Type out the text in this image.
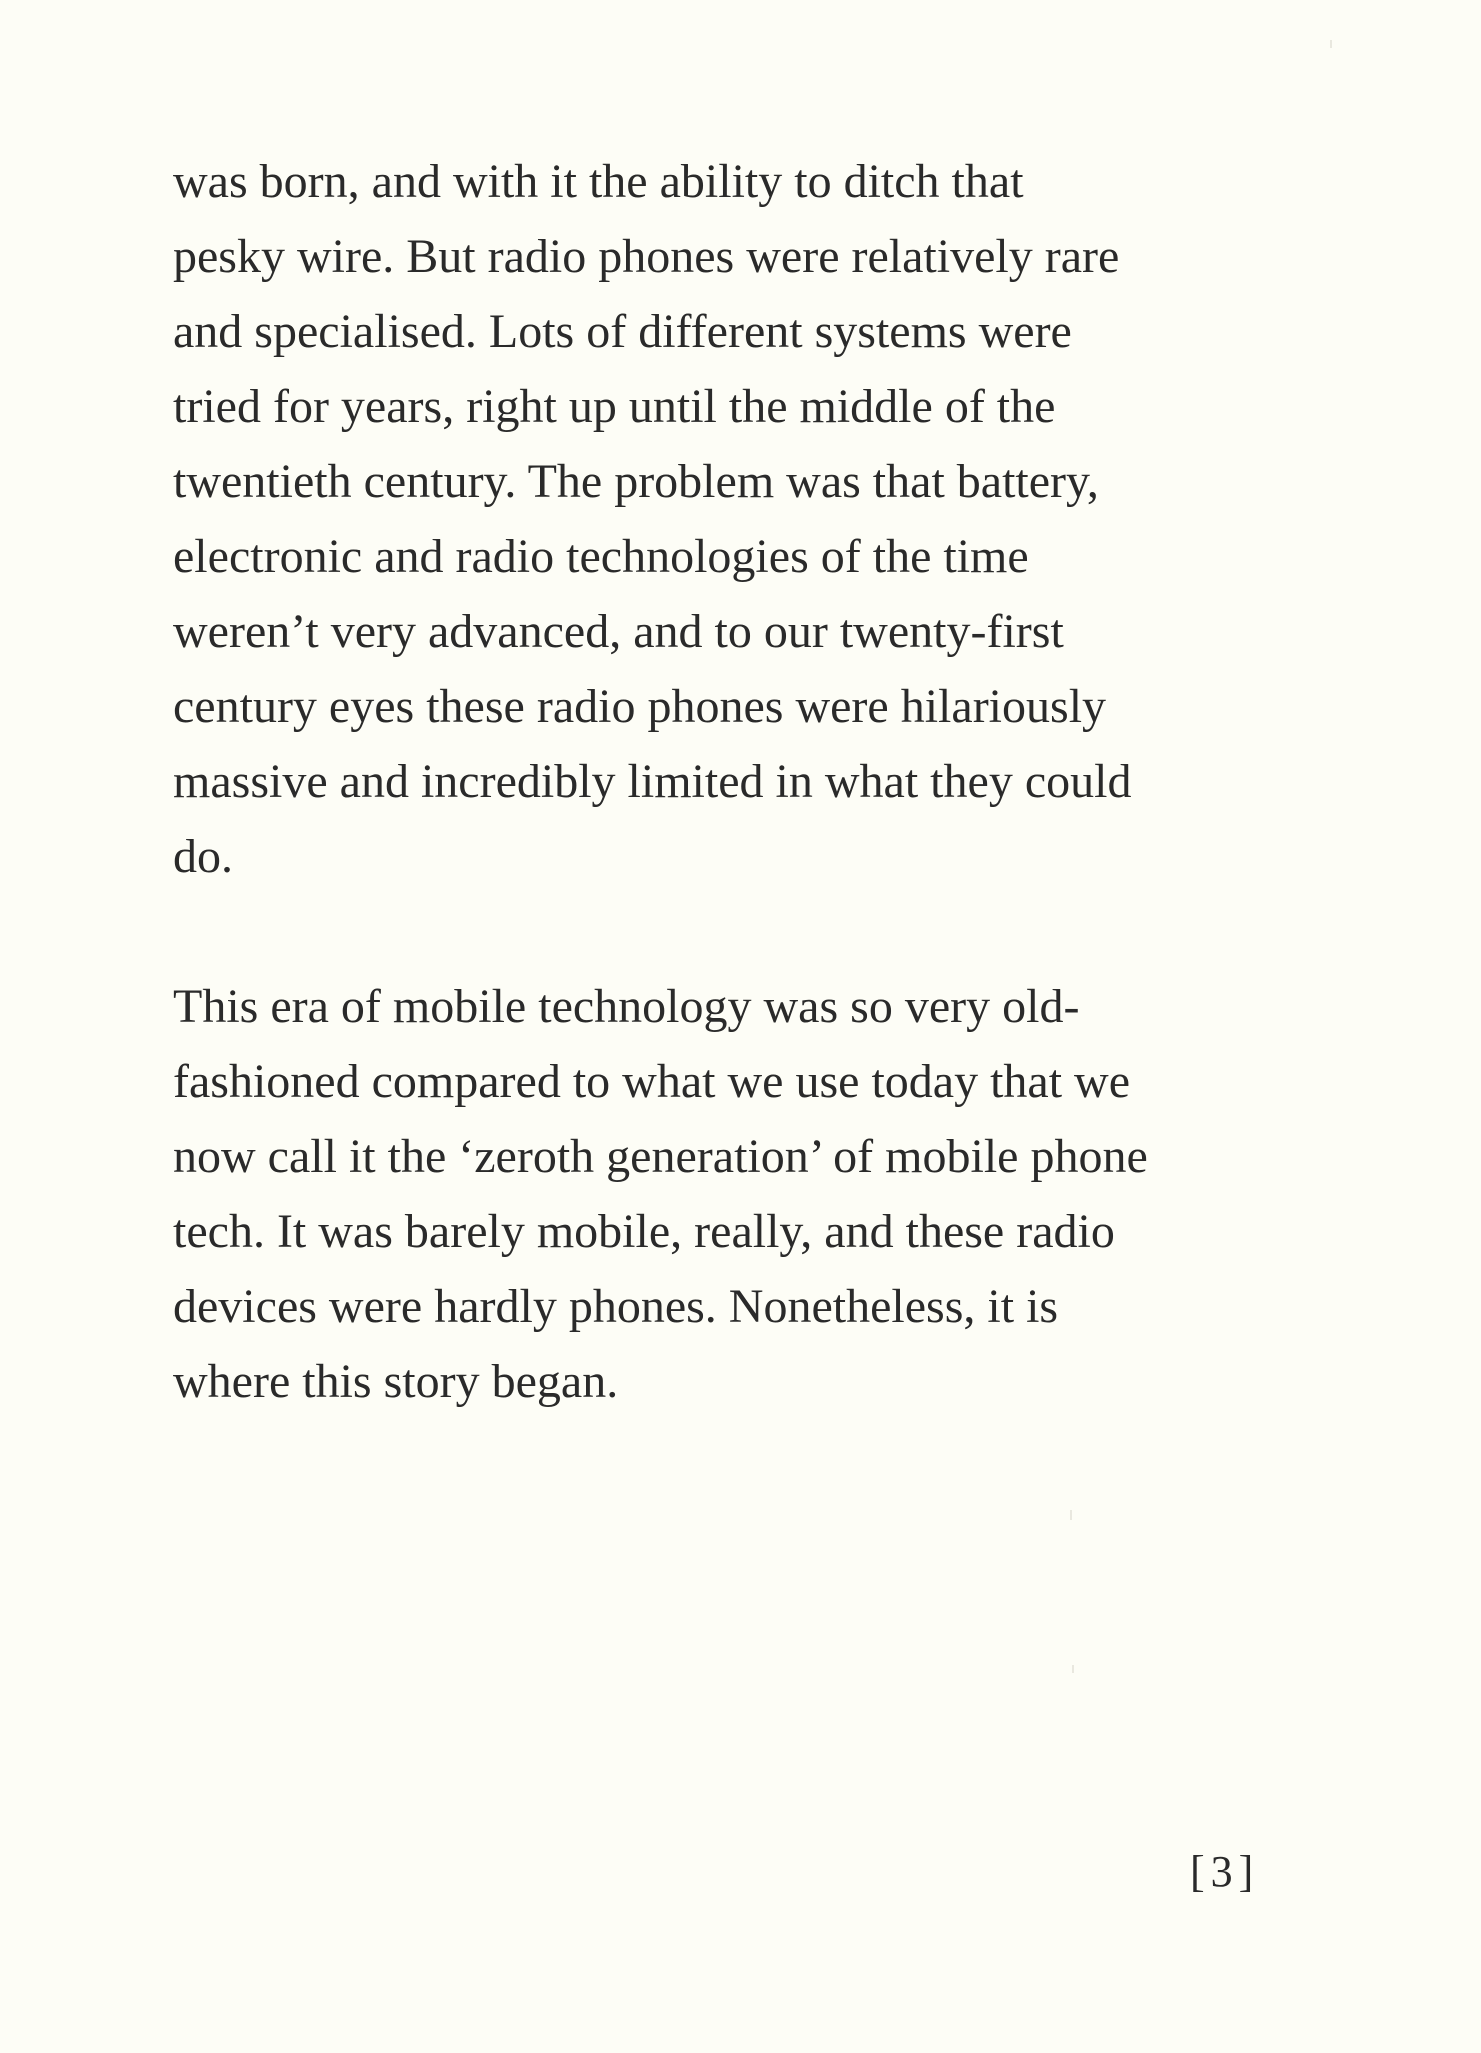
was born, and with it the ability to ditch that
pesky wire. But radio phones were relatively rare
and specialised. Lots of different systems were
tried for years, right up until the middle of the
twentieth century. The problem was that battery,
electronic and radio technologies of the time
weren’t very advanced, and to our twenty-first
century eyes these radio phones were hilariously
massive and incredibly limited in what they could
do.

This era of mobile technology was so very old-
fashioned compared to what we use today that we
now call it the ‘zeroth generation’ of mobile phone
tech. It was barely mobile, really, and these radio
devices were hardly phones. Nonetheless, it is
where this story began.

[3]
